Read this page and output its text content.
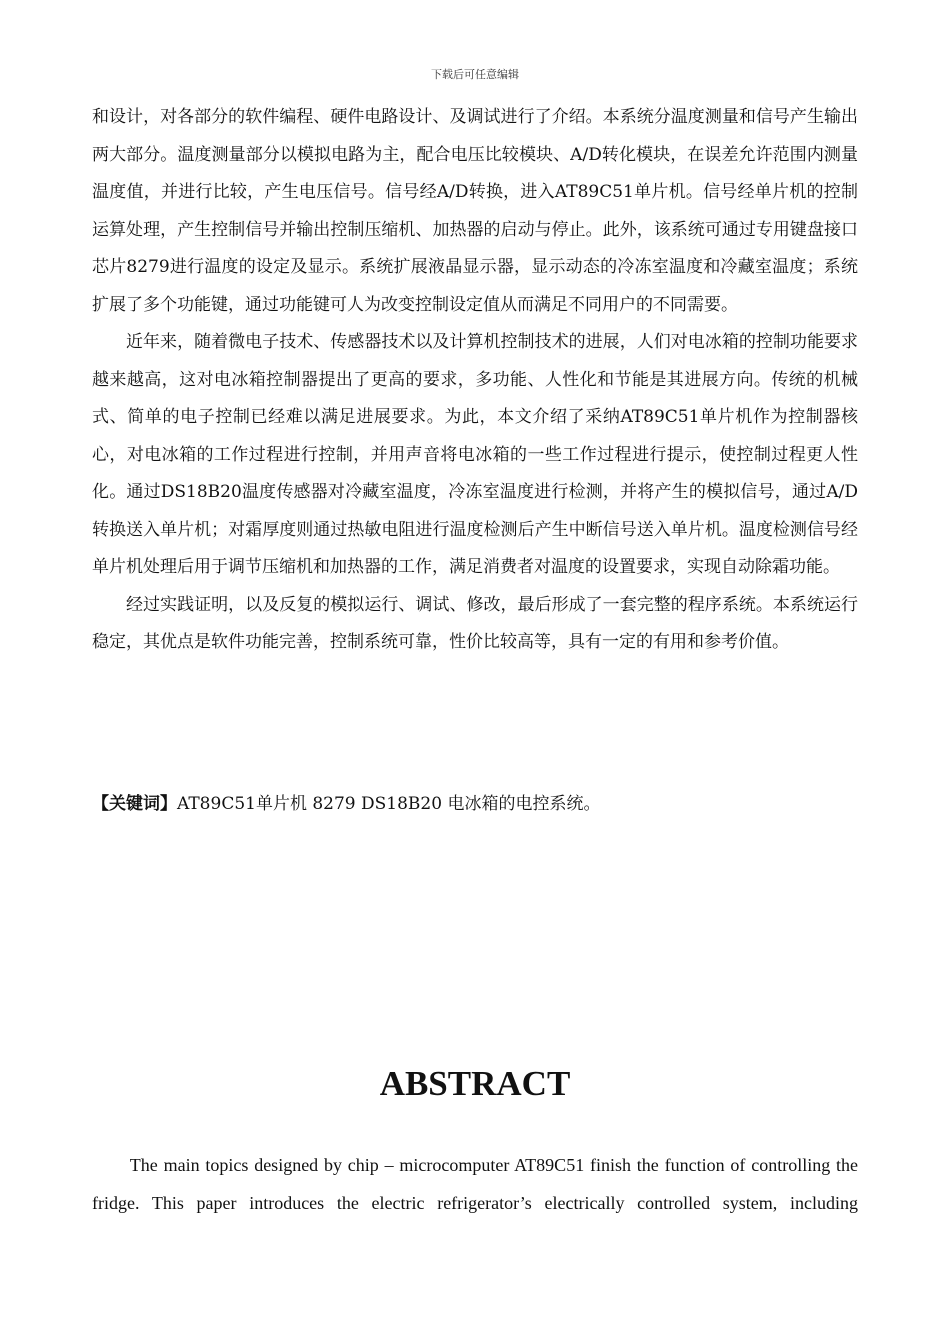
下载后可任意编辑

和设计，对各部分的软件编程、硬件电路设计、及调试进行了介绍。本系统分温度测量和信号产生输出两大部分。温度测量部分以模拟电路为主，配合电压比较模块、A/D转化模块，在误差允许范围内测量温度值，并进行比较，产生电压信号。信号经A/D转换，进入AT89C51单片机。信号经单片机的控制运算处理，产生控制信号并输出控制压缩机、加热器的启动与停止。此外，该系统可通过专用键盘接口芯片8279进行温度的设定及显示。系统扩展液晶显示器，显示动态的冷冻室温度和冷藏室温度；系统扩展了多个功能键，通过功能键可人为改变控制设定值从而满足不同用户的不同需要。

近年来，随着微电子技术、传感器技术以及计算机控制技术的进展，人们对电冰箱的控制功能要求越来越高，这对电冰箱控制器提出了更高的要求，多功能、人性化和节能是其进展方向。传统的机械式、简单的电子控制已经难以满足进展要求。为此，本文介绍了采纳AT89C51单片机作为控制器核心，对电冰箱的工作过程进行控制，并用声音将电冰箱的一些工作过程进行提示，使控制过程更人性化。通过DS18B20温度传感器对冷藏室温度，冷冻室温度进行检测，并将产生的模拟信号，通过A/D转换送入单片机；对霜厚度则通过热敏电阻进行温度检测后产生中断信号送入单片机。温度检测信号经单片机处理后用于调节压缩机和加热器的工作，满足消费者对温度的设置要求，实现自动除霜功能。

经过实践证明，以及反复的模拟运行、调试、修改，最后形成了一套完整的程序系统。本系统运行稳定，其优点是软件功能完善，控制系统可靠，性价比较高等，具有一定的有用和参考价值。

【关键词】AT89C51单片机 8279 DS18B20 电冰箱的电控系统。
ABSTRACT
The main topics designed by chip – microcomputer AT89C51 finish the function of controlling the fridge. This paper introduces the electric refrigerator’s electrically controlled system, including
